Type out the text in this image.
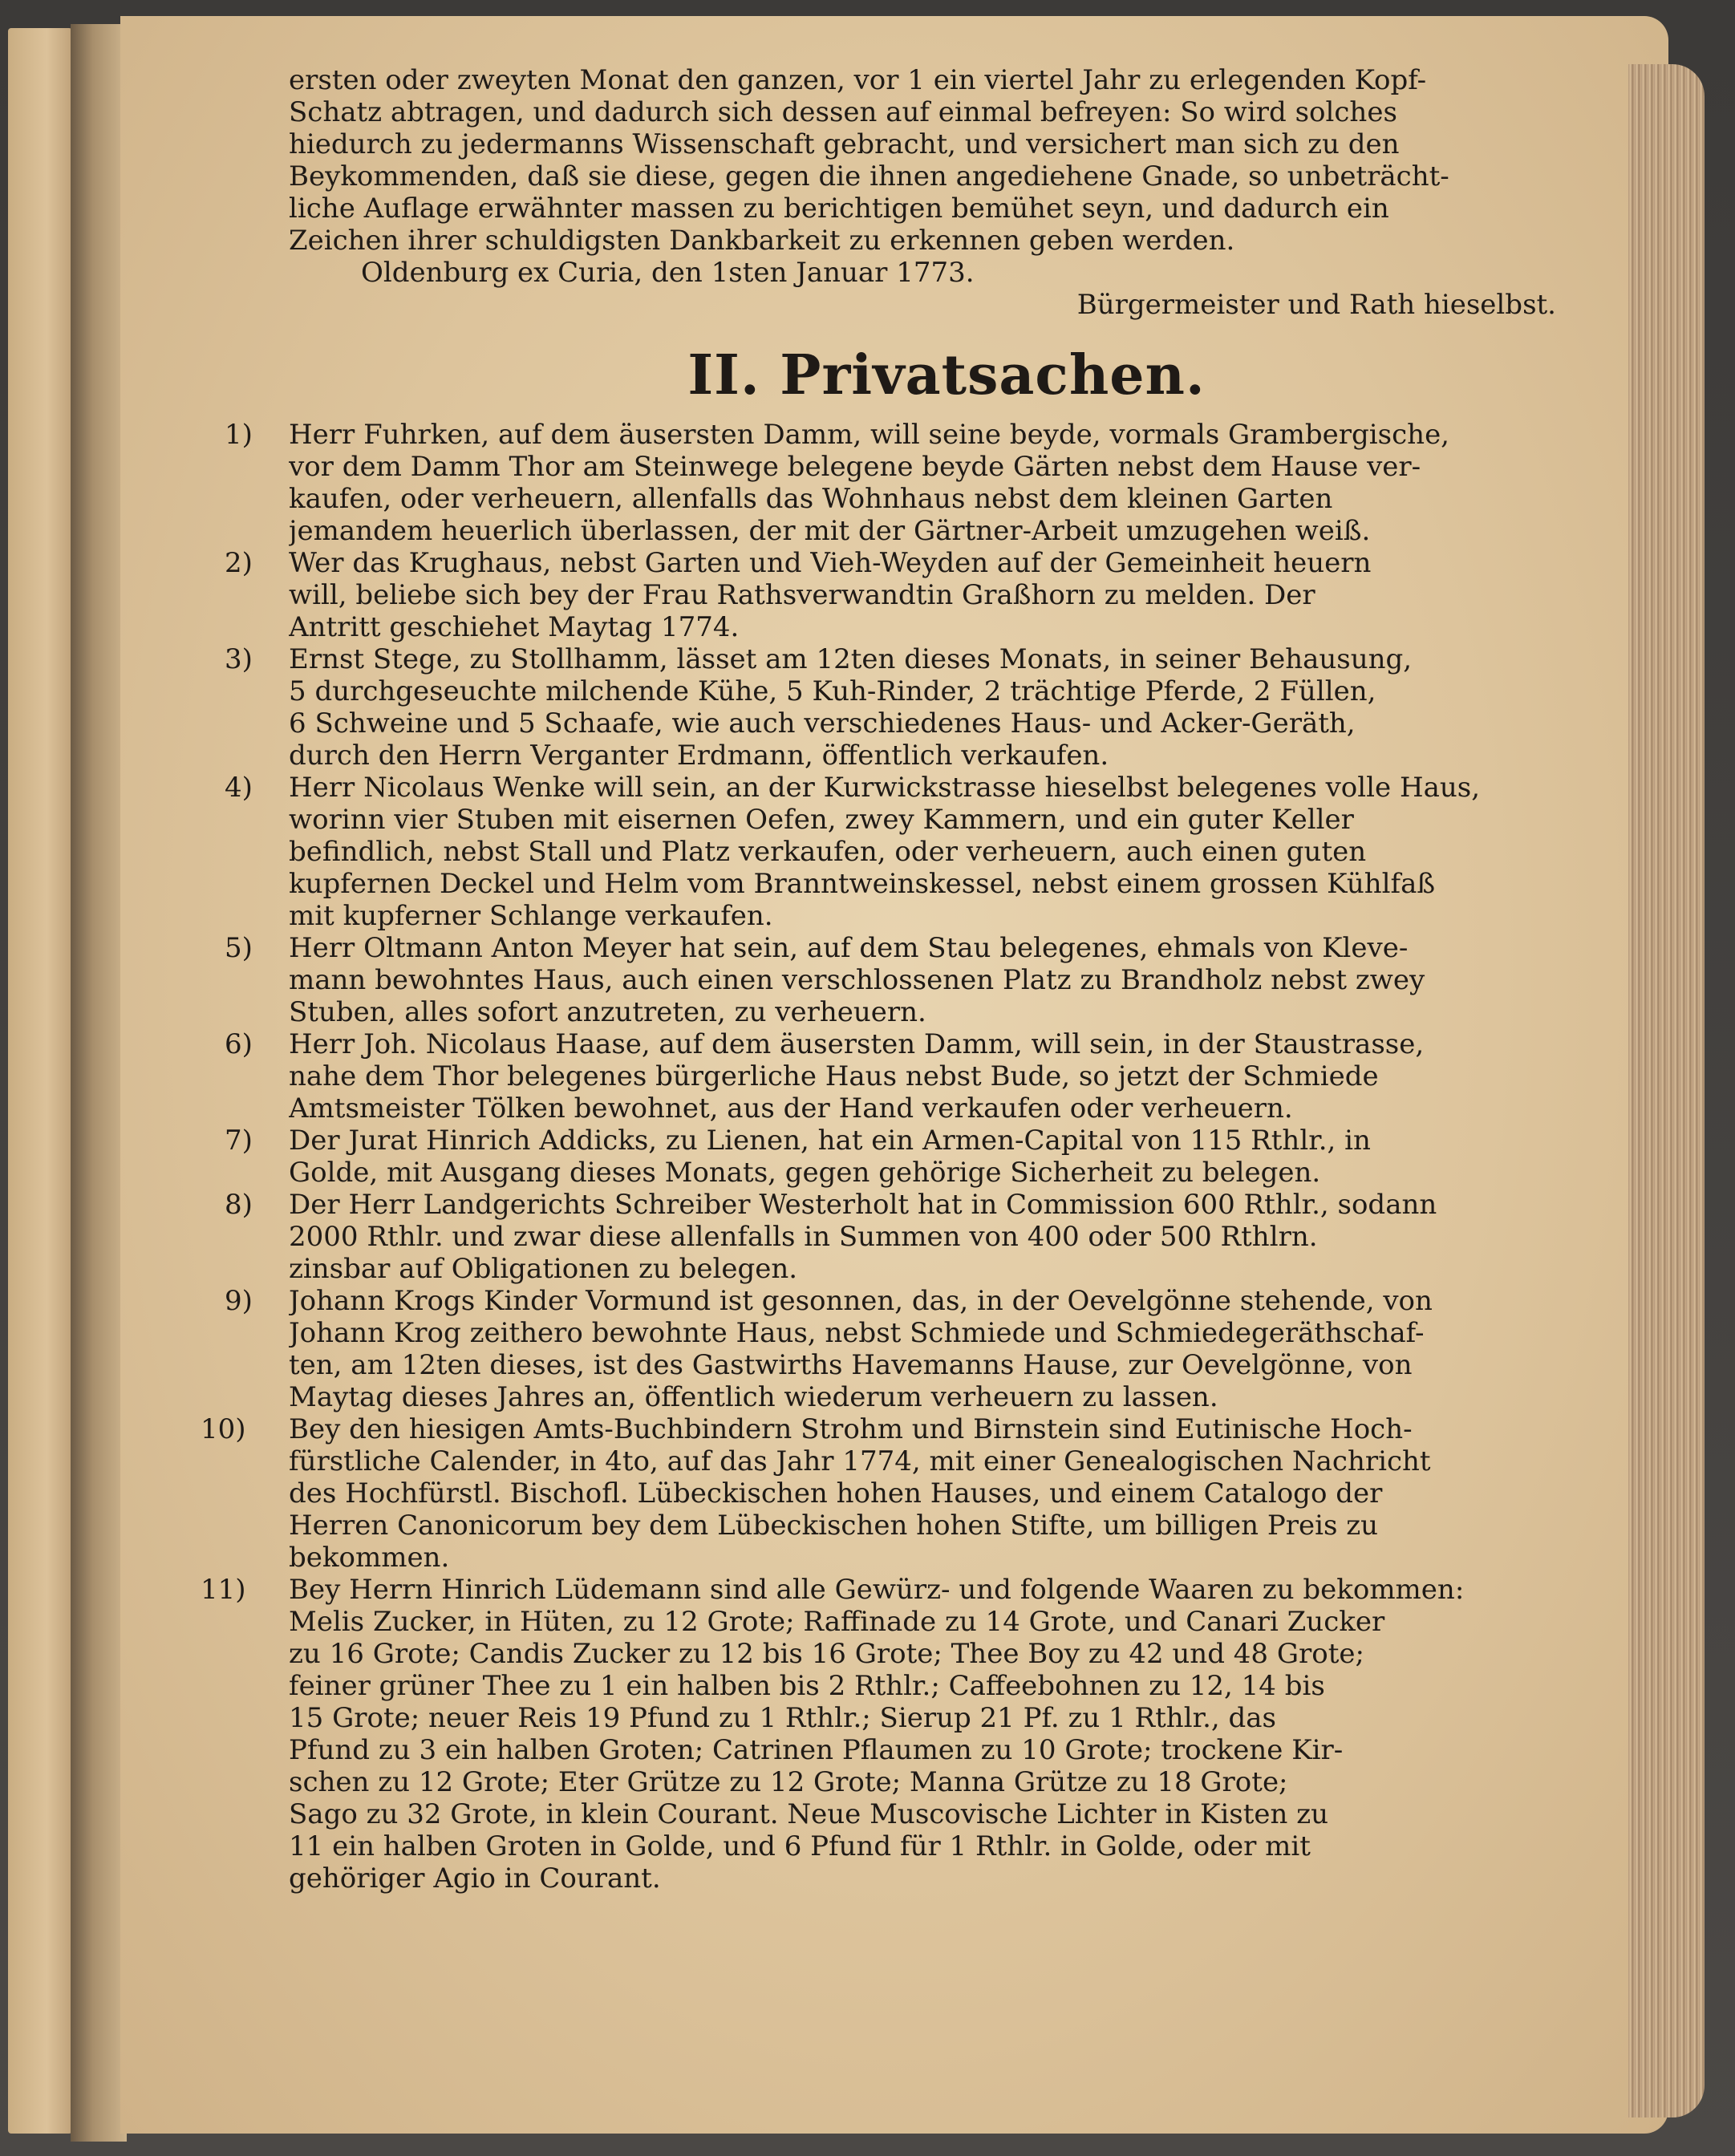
ersten oder zweyten Monat den ganzen, vor 1 ein viertel Jahr zu erlegenden Kopf-
Schatz abtragen, und dadurch sich dessen auf einmal befreyen: So wird solches
hiedurch zu jedermanns Wissenschaft gebracht, und versichert man sich zu den
Beykommenden, daß sie diese, gegen die ihnen angediehene Gnade, so unbeträcht-
liche Auflage erwähnter massen zu berichtigen bemühet seyn, und dadurch ein
Zeichen ihrer schuldigsten Dankbarkeit zu erkennen geben werden.
Oldenburg ex Curia, den 1sten Januar 1773.
Bürgermeister und Rath hieselbst.
II. Privatsachen.
1)	Herr Fuhrken, auf dem äusersten Damm, will seine beyde, vormals Grambergische,
vor dem Damm Thor am Steinwege belegene beyde Gärten nebst dem Hause ver-
kaufen, oder verheuern, allenfalls das Wohnhaus nebst dem kleinen Garten
jemandem heuerlich überlassen, der mit der Gärtner-Arbeit umzugehen weiß.
2)	Wer das Krughaus, nebst Garten und Vieh-Weyden auf der Gemeinheit heuern
will, beliebe sich bey der Frau Rathsverwandtin Graßhorn zu melden. Der
Antritt geschiehet Maytag 1774.
3)	Ernst Stege, zu Stollhamm, lässet am 12ten dieses Monats, in seiner Behausung,
5 durchgeseuchte milchende Kühe, 5 Kuh-Rinder, 2 trächtige Pferde, 2 Füllen,
6 Schweine und 5 Schaafe, wie auch verschiedenes Haus- und Acker-Geräth,
durch den Herrn Verganter Erdmann, öffentlich verkaufen.
4)	Herr Nicolaus Wenke will sein, an der Kurwickstrasse hieselbst belegenes volle Haus,
worinn vier Stuben mit eisernen Oefen, zwey Kammern, und ein guter Keller
befindlich, nebst Stall und Platz verkaufen, oder verheuern, auch einen guten
kupfernen Deckel und Helm vom Branntweinskessel, nebst einem grossen Kühlfaß
mit kupferner Schlange verkaufen.
5)	Herr Oltmann Anton Meyer hat sein, auf dem Stau belegenes, ehmals von Kleve-
mann bewohntes Haus, auch einen verschlossenen Platz zu Brandholz nebst zwey
Stuben, alles sofort anzutreten, zu verheuern.
6)	Herr Joh. Nicolaus Haase, auf dem äusersten Damm, will sein, in der Staustrasse,
nahe dem Thor belegenes bürgerliche Haus nebst Bude, so jetzt der Schmiede
Amtsmeister Tölken bewohnet, aus der Hand verkaufen oder verheuern.
7)	Der Jurat Hinrich Addicks, zu Lienen, hat ein Armen-Capital von 115 Rthlr., in
Golde, mit Ausgang dieses Monats, gegen gehörige Sicherheit zu belegen.
8)	Der Herr Landgerichts Schreiber Westerholt hat in Commission 600 Rthlr., sodann
2000 Rthlr. und zwar diese allenfalls in Summen von 400 oder 500 Rthlrn.
zinsbar auf Obligationen zu belegen.
9)	Johann Krogs Kinder Vormund ist gesonnen, das, in der Oevelgönne stehende, von
Johann Krog zeithero bewohnte Haus, nebst Schmiede und Schmiedegeräthschaf-
ten, am 12ten dieses, ist des Gastwirths Havemanns Hause, zur Oevelgönne, von
Maytag dieses Jahres an, öffentlich wiederum verheuern zu lassen.
10)	Bey den hiesigen Amts-Buchbindern Strohm und Birnstein sind Eutinische Hoch-
fürstliche Calender, in 4to, auf das Jahr 1774, mit einer Genealogischen Nachricht
des Hochfürstl. Bischofl. Lübeckischen hohen Hauses, und einem Catalogo der
Herren Canonicorum bey dem Lübeckischen hohen Stifte, um billigen Preis zu
bekommen.
11)	Bey Herrn Hinrich Lüdemann sind alle Gewürz- und folgende Waaren zu bekommen:
Melis Zucker, in Hüten, zu 12 Grote; Raffinade zu 14 Grote, und Canari Zucker
zu 16 Grote; Candis Zucker zu 12 bis 16 Grote; Thee Boy zu 42 und 48 Grote;
feiner grüner Thee zu 1 ein halben bis 2 Rthlr.; Caffeebohnen zu 12, 14 bis
15 Grote; neuer Reis 19 Pfund zu 1 Rthlr.; Sierup 21 Pf. zu 1 Rthlr., das
Pfund zu 3 ein halben Groten; Catrinen Pflaumen zu 10 Grote; trockene Kir-
schen zu 12 Grote; Eter Grütze zu 12 Grote; Manna Grütze zu 18 Grote;
Sago zu 32 Grote, in klein Courant. Neue Muscovische Lichter in Kisten zu
11 ein halben Groten in Golde, und 6 Pfund für 1 Rthlr. in Golde, oder mit
gehöriger Agio in Courant.
